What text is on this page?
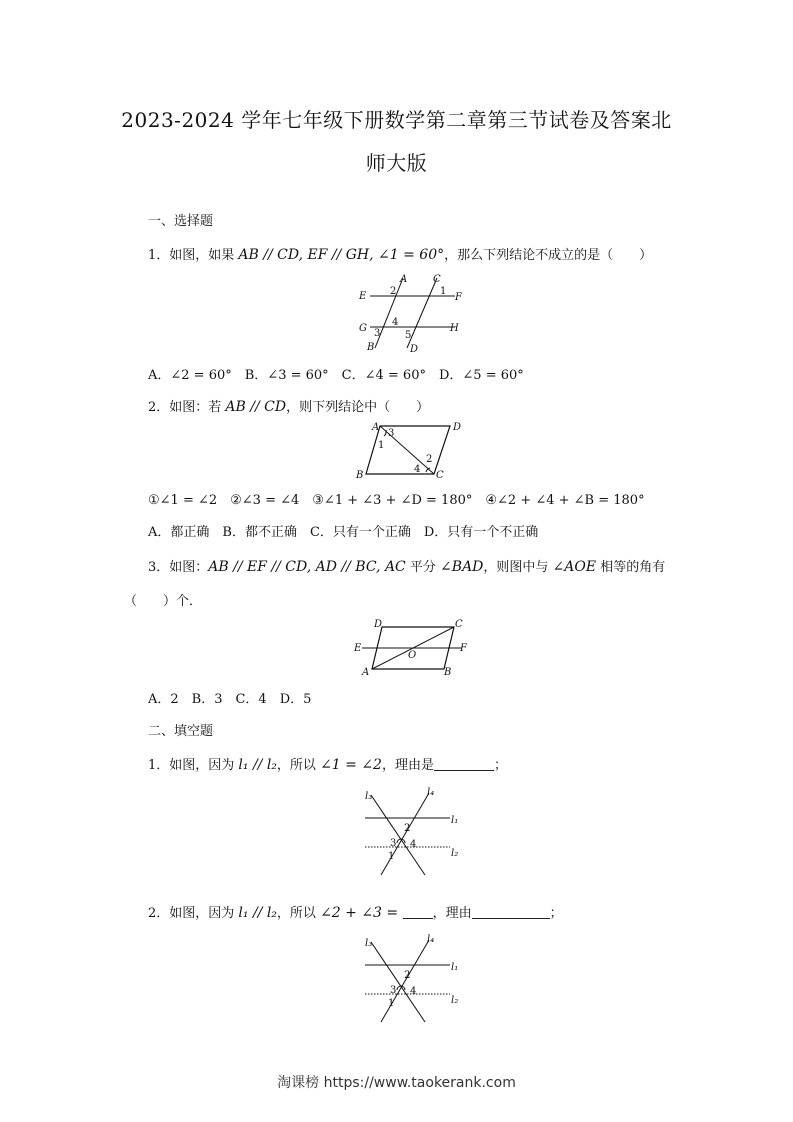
2023-2024 学年七年级下册数学第二章第三节试卷及答案北
师大版
一、选择题
1．如图，如果 AB // CD, EF // GH, ∠1 = 60°，那么下列结论不成立的是（　　）
E
A
2
C
1
F
G
4
3	H
B
5
D
A．∠2 = 60°　B．∠3 = 60°　C．∠4 = 60°　D．∠5 = 60°
2．如图：若 AB // CD，则下列结论中（　　）
A
3
D
1
2
4
B	C
①∠1 = ∠2　②∠3 = ∠4　③∠1 + ∠3 + ∠D = 180°　④∠2 + ∠4 + ∠B = 180°
A．都正确　B．都不正确　C．只有一个正确　D．只有一个不正确
3．如图：AB // EF // CD, AD // BC, AC 平分 ∠BAD，则图中与 ∠AOE 相等的角有
（　　）个．
D	C
E	F
O
A	B
A．2　B．3　C．4　D．5
二、填空题
1．如图，因为 l₁ // l₂，所以 ∠1 = ∠2，理由是	；
l₃	l₄
l₁
2
3 4
1	l₂
2．如图，因为 l₁ // l₂，所以 ∠2 + ∠3 = ，理由	；
l₃	l₄
l₁
2
3 4
1	l₂
淘课榜 https://www.taokerank.com
